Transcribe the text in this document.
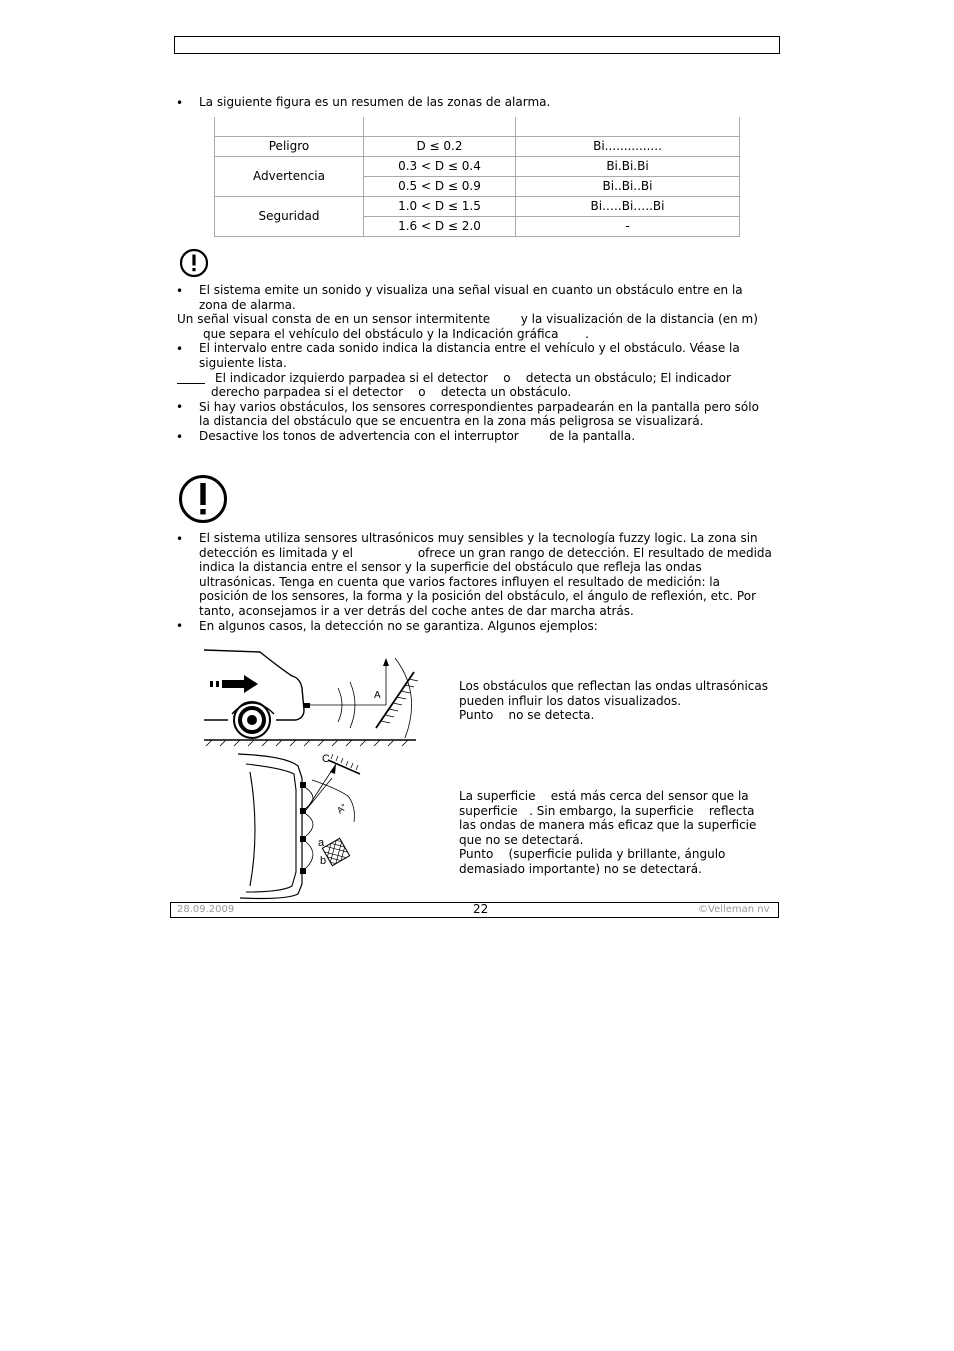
• La siguiente figura es un resumen de las zonas de alarma.

Peligro	D ≤ 0.2	Bi...............
Advertencia	0.3 < D ≤ 0.4	Bi.Bi.Bi
	0.5 < D ≤ 0.9	Bi..Bi..Bi
Seguridad	1.0 < D ≤ 1.5	Bi.….Bi…..Bi
	1.6 < D ≤ 2.0	-
• El sistema emite un sonido y visualiza una señal visual en cuanto un obstáculo entre en la
zona de alarma.
Un señal visual consta de en un sensor intermitente        y la visualización de la distancia (en m)
que separa el vehículo del obstáculo y la Indicación gráfica       .
• El intervalo entre cada sonido indica la distancia entre el vehículo y el obstáculo. Véase la
siguiente lista.
El indicador izquierdo parpadea si el detector    o    detecta un obstáculo; El indicador
derecho parpadea si el detector    o    detecta un obstáculo.
• Si hay varios obstáculos, los sensores correspondientes parpadearán en la pantalla pero sólo
la distancia del obstáculo que se encuentra en la zona más peligrosa se visualizará.
• Desactive los tonos de advertencia con el interruptor        de la pantalla.
• El sistema utiliza sensores ultrasónicos muy sensibles y la tecnología fuzzy logic. La zona sin
detección es limitada y el                 ofrece un gran rango de detección. El resultado de medida
indica la distancia entre el sensor y la superficie del obstáculo que refleja las ondas
ultrasónicas. Tenga en cuenta que varios factores influyen el resultado de medición: la
posición de los sensores, la forma y la posición del obstáculo, el ángulo de reflexión, etc. Por
tanto, aconsejamos ir a ver detrás del coche antes de dar marcha atrás.
• En algunos casos, la detección no se garantiza. Algunos ejemplos:
A
Los obstáculos que reflectan las ondas ultrasónicas
pueden influir los datos visualizados.
Punto    no se detecta.
C
A°
a
b
La superficie    está más cerca del sensor que la
superficie   . Sin embargo, la superficie    reflecta
las ondas de manera más eficaz que la superficie
que no se detectará.
Punto    (superficie pulida y brillante, ángulo
demasiado importante) no se detectará.
28.09.2009	22	©Velleman nv
